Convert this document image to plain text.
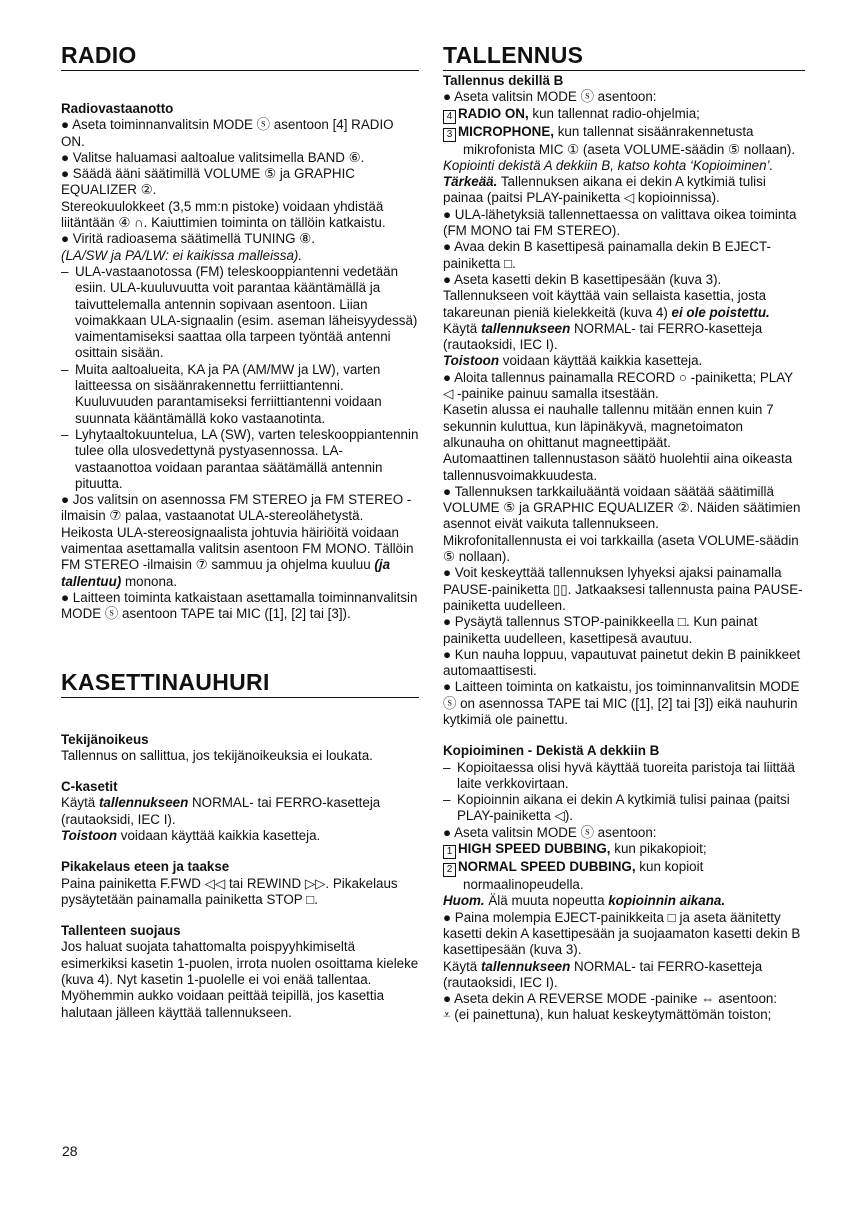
RADIO
Radiovastaanotto

● Aseta toiminnanvalitsin MODE ⓢ asentoon [4] RADIO ON.

● Valitse haluamasi aaltoalue valitsimella BAND ⑥.

● Säädä ääni säätimillä VOLUME ⑤ ja GRAPHIC EQUALIZER ②.

Stereokuulokkeet (3,5 mm:n pistoke) voidaan yhdistää liitäntään ④ ∩. Kaiuttimien toiminta on tällöin katkaistu.

● Viritä radioasema säätimellä TUNING ⑧.

(LA/SW ja PA/LW: ei kaikissa malleissa).

– ULA-vastaanotossa (FM) teleskooppiantenni vedetään esiin. ULA-kuuluvuutta voit parantaa kääntämällä ja taivuttelemalla antennin sopivaan asentoon. Liian voimakkaan ULA-signaalin (esim. aseman läheisyydessä) vaimentamiseksi saattaa olla tarpeen työntää antenni osittain sisään.

– Muita aaltoalueita, KA ja PA (AM/MW ja LW), varten laitteessa on sisäänrakennettu ferriittiantenni. Kuuluvuuden parantamiseksi ferriittiantenni voidaan suunnata kääntämällä koko vastaanotinta.

– Lyhytaaltokuuntelua, LA (SW), varten teleskooppiantennin tulee olla ulosvedettynä pystyasennossa. LA-vastaanottoa voidaan parantaa säätämällä antennin pituutta.

● Jos valitsin on asennossa FM STEREO ja FM STEREO -ilmaisin ⑦ palaa, vastaanotat ULA-stereolähetystä. Heikosta ULA-stereosignaalista johtuvia häiriöitä voidaan vaimentaa asettamalla valitsin asentoon FM MONO. Tällöin FM STEREO -ilmaisin ⑦ sammuu ja ohjelma kuuluu (ja tallentuu) monona.

● Laitteen toiminta katkaistaan asettamalla toiminnanvalitsin MODE ⓢ asentoon TAPE tai MIC ([1], [2] tai [3]).

KASETTINAUHURI
Tekijänoikeus

Tallennus on sallittua, jos tekijänoikeuksia ei loukata.

C-kasetit

Käytä tallennukseen NORMAL- tai FERRO-kasetteja (rautaoksidi, IEC I).

Toistoon voidaan käyttää kaikkia kasetteja.

Pikakelaus eteen ja taakse

Paina painiketta F.FWD ◁◁ tai REWIND ▷▷. Pikakelaus pysäytetään painamalla painiketta STOP □.

Tallenteen suojaus

Jos haluat suojata tahattomalta poispyyhkimiseltä esimerkiksi kasetin 1-puolen, irrota nuolen osoittama kieleke (kuva 4). Nyt kasetin 1-puolelle ei voi enää tallentaa. Myöhemmin aukko voidaan peittää teipillä, jos kasettia halutaan jälleen käyttää tallennukseen.

TALLENNUS
Tallennus dekillä B

● Aseta valitsin MODE ⓢ asentoon:

4 RADIO ON, kun tallennat radio-ohjelmia;

3 MICROPHONE, kun tallennat sisäänrakennetusta mikrofonista MIC ① (aseta VOLUME-säädin ⑤ nollaan).

Kopiointi dekistä A dekkiin B, katso kohta ‘Kopioiminen’.

Tärkeää. Tallennuksen aikana ei dekin A kytkimiä tulisi painaa (paitsi PLAY-painiketta ◁ kopioinnissa).

● ULA-lähetyksiä tallennettaessa on valittava oikea toiminta (FM MONO tai FM STEREO).

● Avaa dekin B kasettipesä painamalla dekin B EJECT-painiketta □.

● Aseta kasetti dekin B kasettipesään (kuva 3). Tallennukseen voit käyttää vain sellaista kasettia, josta takareunan pieniä kielekkeitä (kuva 4) ei ole poistettu. Käytä tallennukseen NORMAL- tai FERRO-kasetteja (rautaoksidi, IEC I).

Toistoon voidaan käyttää kaikkia kasetteja.

● Aloita tallennus painamalla RECORD ○ -painiketta; PLAY ◁ -painike painuu samalla itsestään.

Kasetin alussa ei nauhalle tallennu mitään ennen kuin 7 sekunnin kuluttua, kun läpinäkyvä, magnetoimaton alkunauha on ohittanut magneettipäät.

Automaattinen tallennustason säätö huolehtii aina oikeasta tallennusvoimakkuudesta.

● Tallennuksen tarkkailuääntä voidaan säätää säätimillä VOLUME ⑤ ja GRAPHIC EQUALIZER ②. Näiden säätimien asennot eivät vaikuta tallennukseen.

Mikrofonitallennusta ei voi tarkkailla (aseta VOLUME-säädin ⑤ nollaan).

● Voit keskeyttää tallennuksen lyhyeksi ajaksi painamalla PAUSE-painiketta ▯▯. Jatkaaksesi tallennusta paina PAUSE-painiketta uudelleen.

● Pysäytä tallennus STOP-painikkeella □. Kun painat painiketta uudelleen, kasettipesä avautuu.

● Kun nauha loppuu, vapautuvat painetut dekin B painikkeet automaattisesti.

● Laitteen toiminta on katkaistu, jos toiminnanvalitsin MODE ⓢ on asennossa TAPE tai MIC ([1], [2] tai [3]) eikä nauhurin kytkimiä ole painettu.

Kopioiminen - Dekistä A dekkiin B

– Kopioitaessa olisi hyvä käyttää tuoreita paristoja tai liittää laite verkkovirtaan.

– Kopioinnin aikana ei dekin A kytkimiä tulisi painaa (paitsi PLAY-painiketta ◁).

● Aseta valitsin MODE ⓢ asentoon:

1 HIGH SPEED DUBBING, kun pikakopioit;

2 NORMAL SPEED DUBBING, kun kopioit normaalinopeudella.

Huom. Älä muuta nopeutta kopioinnin aikana.

● Paina molempia EJECT-painikkeita □ ja aseta äänitetty kasetti dekin A kasettipesään ja suojaamaton kasetti dekin B kasettipesään (kuva 3).

Käytä tallennukseen NORMAL- tai FERRO-kasetteja (rautaoksidi, IEC I).

● Aseta dekin A REVERSE MODE -painike ⇔ asentoon:

⩡ (ei painettuna), kun haluat keskeytymättömän toiston;

28
